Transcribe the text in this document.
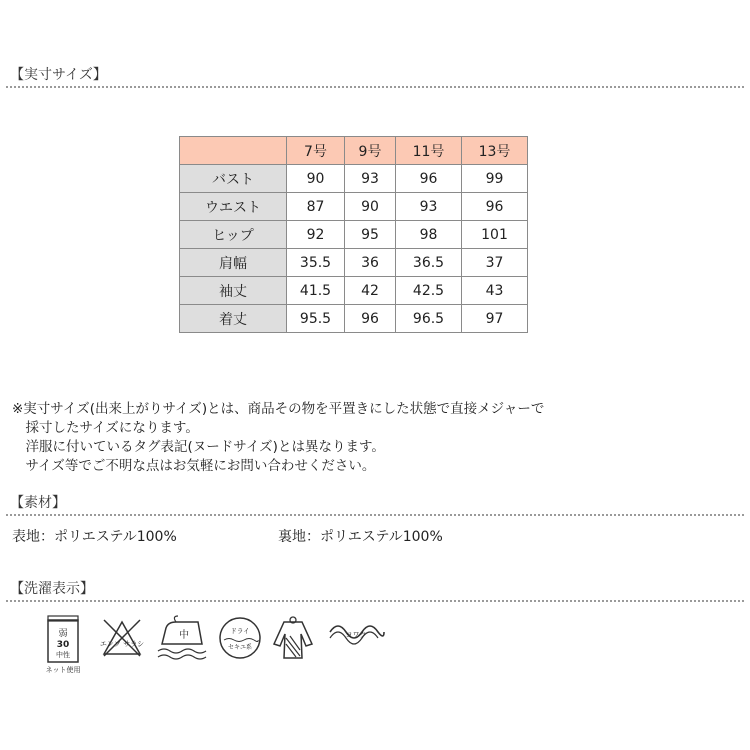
【実寸サイズ】
	7号	9号	11号	13号
バスト	90	93	96	99
ウエスト	87	90	93	96
ヒップ	92	95	98	101
肩幅	35.5	36	36.5	37
袖丈	41.5	42	42.5	43
着丈	95.5	96	96.5	97
※実寸サイズ(出来上がりサイズ)とは、商品その物を平置きにした状態で直接メジャーで
　採寸したサイズになります。
　洋服に付いているタグ表記(ヌードサイズ)とは異なります。
　サイズ等でご不明な点はお気軽にお問い合わせください。
【素材】
表地：ポリエステル100%	裏地：ポリエステル100%
【洗濯表示】
弱
30
中性
ネット使用
エンソ サラシ
中	ドライ
セキユ系
ヨワク
